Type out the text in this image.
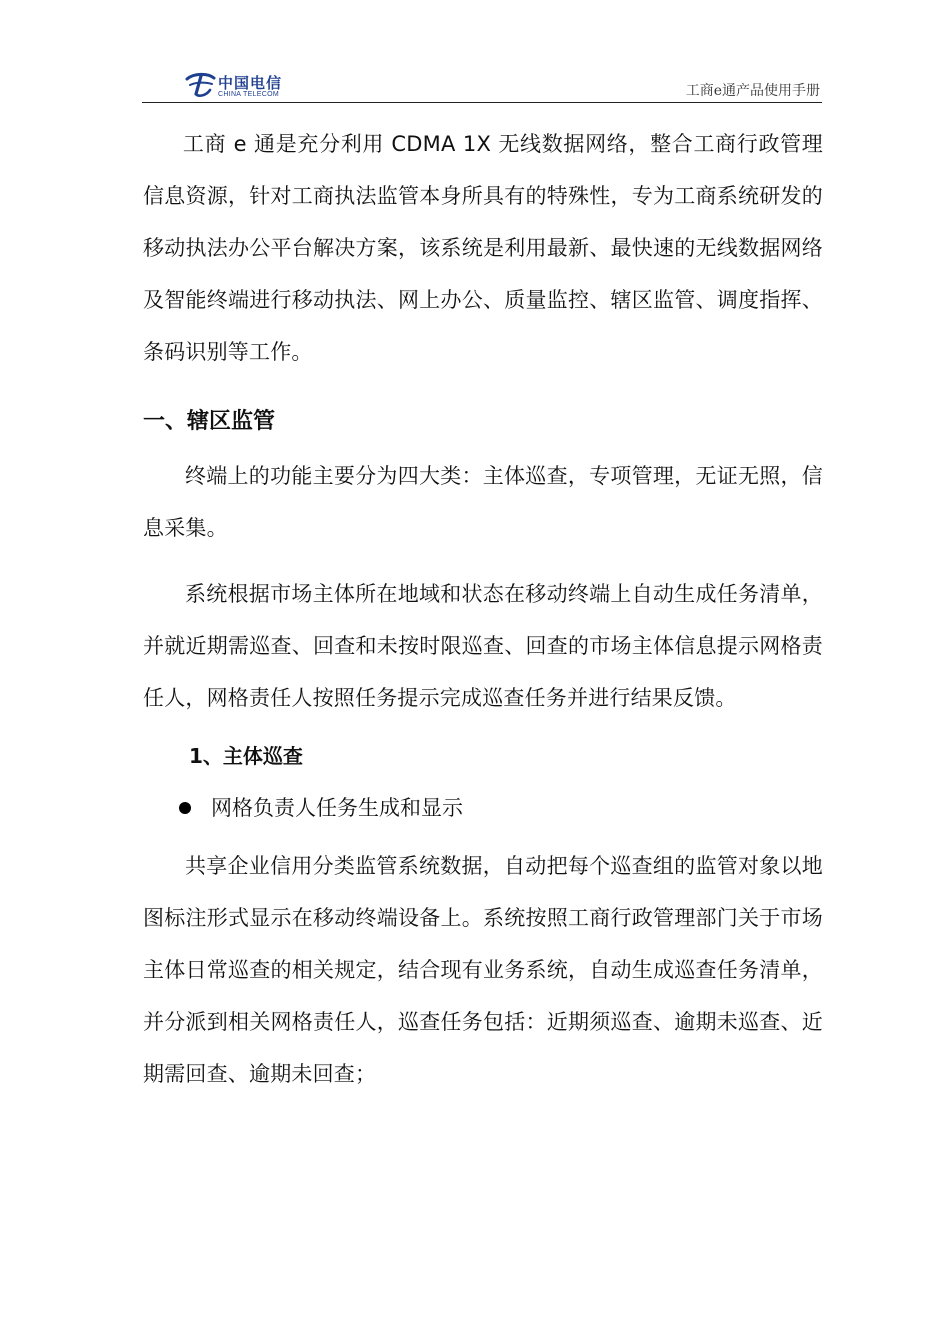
中国电信
CHINA TELECOM	工商e通产品使用手册

工商 e 通是充分利用 CDMA 1X 无线数据网络，整合工商行政管理信息资源，针对工商执法监管本身所具有的特殊性，专为工商系统研发的移动执法办公平台解决方案，该系统是利用最新、最快速的无线数据网络及智能终端进行移动执法、网上办公、质量监控、辖区监管、调度指挥、条码识别等工作。

一、辖区监管

终端上的功能主要分为四大类：主体巡查，专项管理，无证无照，信息采集。

系统根据市场主体所在地域和状态在移动终端上自动生成任务清单，并就近期需巡查、回查和未按时限巡查、回查的市场主体信息提示网格责任人，网格责任人按照任务提示完成巡查任务并进行结果反馈。

1、主体巡查
网格负责人任务生成和显示

共享企业信用分类监管系统数据，自动把每个巡查组的监管对象以地图标注形式显示在移动终端设备上。系统按照工商行政管理部门关于市场主体日常巡查的相关规定，结合现有业务系统，自动生成巡查任务清单，并分派到相关网格责任人，巡查任务包括：近期须巡查、逾期未巡查、近期需回查、逾期未回查；
